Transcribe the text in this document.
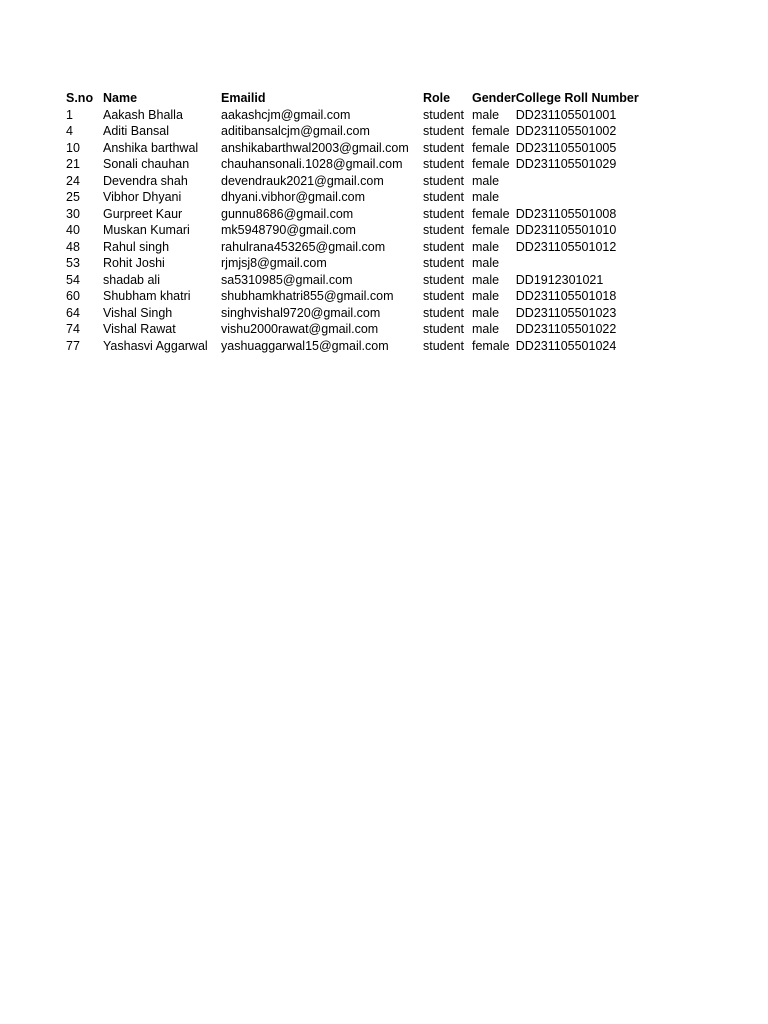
S.no	Name	Emailid	Role	Gender	College Roll Number
1	Aakash Bhalla	aakashcjm@gmail.com	student	male	DD231105501001
4	Aditi Bansal	aditibansalcjm@gmail.com	student	female	DD231105501002
10	Anshika barthwal	anshikabarthwal2003@gmail.com	student	female	DD231105501005
21	Sonali chauhan	chauhansonali.1028@gmail.com	student	female	DD231105501029
24	Devendra shah	devendrauk2021@gmail.com	student	male	
25	Vibhor Dhyani	dhyani.vibhor@gmail.com	student	male	
30	Gurpreet Kaur	gunnu8686@gmail.com	student	female	DD231105501008
40	Muskan Kumari	mk5948790@gmail.com	student	female	DD231105501010
48	Rahul singh	rahulrana453265@gmail.com	student	male	DD231105501012
53	Rohit Joshi	rjmjsj8@gmail.com	student	male	
54	shadab ali	sa5310985@gmail.com	student	male	DD1912301021
60	Shubham khatri	shubhamkhatri855@gmail.com	student	male	DD231105501018
64	Vishal Singh	singhvishal9720@gmail.com	student	male	DD231105501023
74	Vishal Rawat	vishu2000rawat@gmail.com	student	male	DD231105501022
77	Yashasvi Aggarwal	yashuaggarwal15@gmail.com	student	female	DD231105501024
